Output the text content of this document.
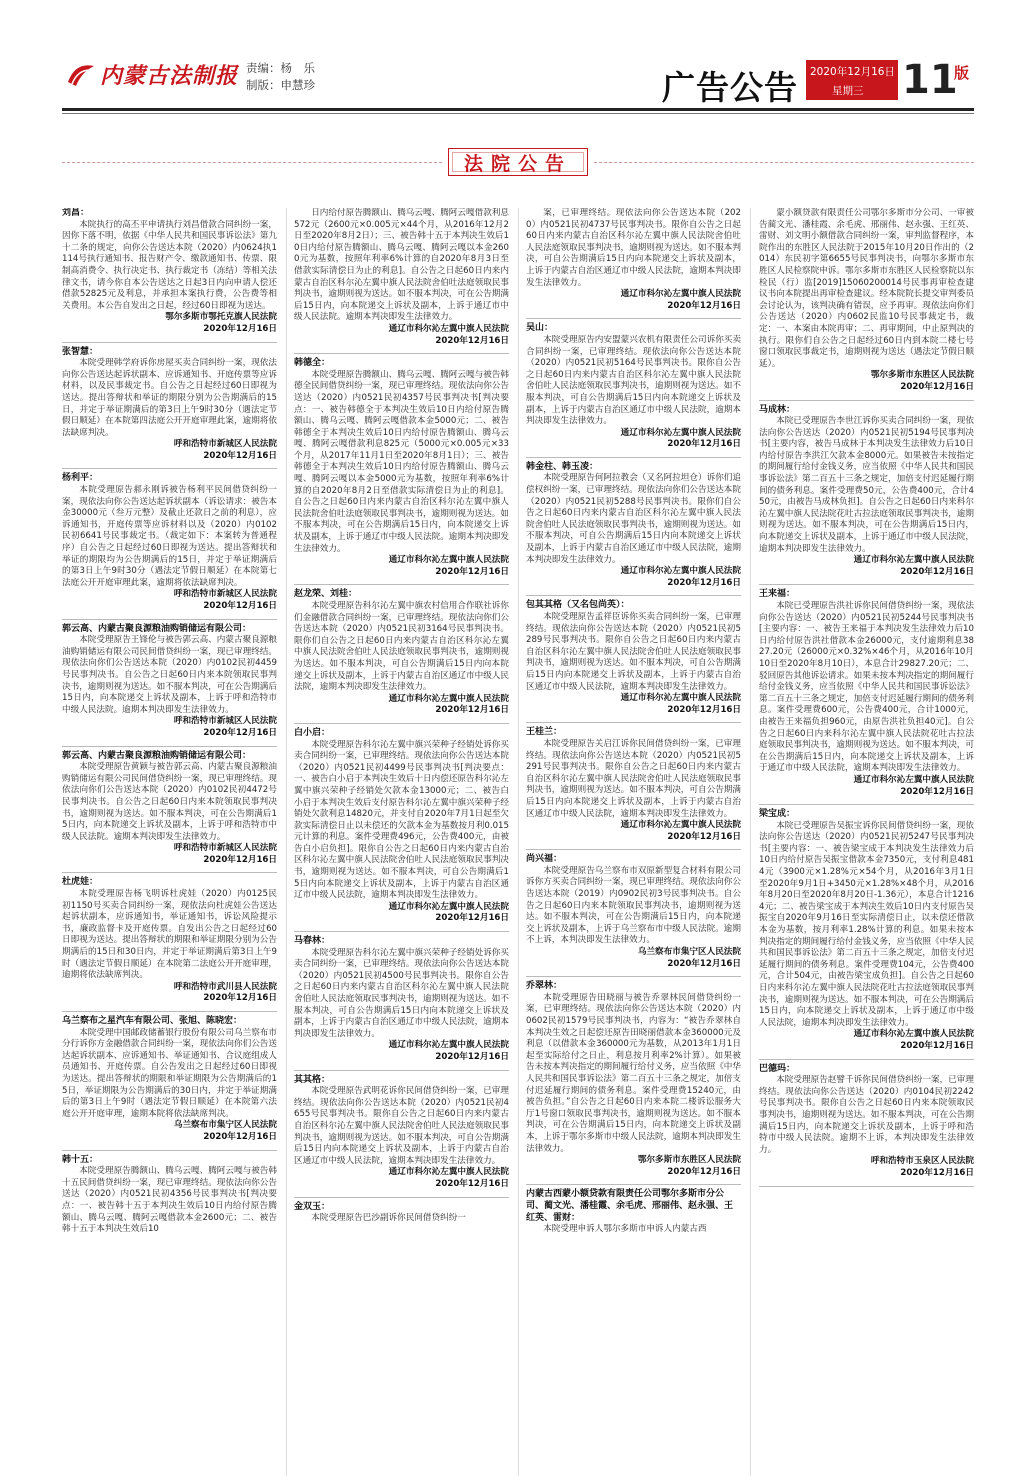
内蒙古法制报 责编：杨　乐
制版：申慧珍	广告公告 2020年12月16日
星期三 11
版
法院公告

刘昌：

本院执行的高丕平申请执行刘昌借款合同纠纷一案，因你下落不明，依据《中华人民共和国民事诉讼法》第九十二条的规定，向你公告送达本院（2020）内0624执1114号执行通知书、报告财产令、缴款通知书、传票、限制高消费令、执行决定书、执行裁定书（冻结）等相关法律文书，请今你自本公告送达之日起3日内向申请人偿还借款52825元及利息，并承担本案执行费，公告费等相关费用。本公告自发出之日起，经过60日即视为送达。

鄂尔多斯市鄂托克旗人民法院

2020年12月16日

张智慧：

本院受理韩学府诉你房屋买卖合同纠纷一案，现依法向你公告送达起诉状副本、应诉通知书、开庭传票等应诉材料，以及民事裁定书。自公告之日起经过60日即视为送达。提出答辩状和举证的期限分别为公告期满后的15日，并定于举证期满后的第3日上午9时30分（遇法定节假日顺延）在本院第四法庭公开开庭审理此案，逾期将依法缺席判决。

呼和浩特市新城区人民法院

2020年12月16日

杨利平：

本院受理原告郝永刚诉被告杨利平民间借贷纠纷一案，现依法向你公告送达起诉状副本（诉讼请求：被告本金30000元（叁万元整）及截止还款日之前的利息），应诉通知书，开庭传票等应诉材料以及（2020）内0102民初6641号民事裁定书。（裁定如下：本案转为普通程序）自公告之日起经过60日即视为送达。提出答辩状和举证的期限均为公告期满后的15日，并定于举证期满后的第3日上午9时30分（遇法定节假日顺延）在本院第七法庭公开开庭审理此案，逾期将依法缺席判决。

呼和浩特市新城区人民法院

2020年12月16日

郭云高、内蒙古聚良源粮油购销储运有限公司：

本院受理原告王锋伦与被告郭云高、内蒙古聚良源粮油购销储运有限公司民间借贷纠纷一案，现已审理终结。现依法向你们公告送达本院（2020）内0102民初4459号民事判决书。自公告之日起60日内来本院领取民事判决书，逾期则视为送达。如不服本判决，可在公告期满后15日内，向本院递交上诉状及副本，上诉于呼和浩特市中级人民法院。逾期本判决即发生法律效力。

呼和浩特市新城区人民法院

2020年12月16日

郭云高、内蒙古聚良源粮油购销储运有限公司：

本院受理原告黄颖与被告郭云高、内蒙古聚良源粮油购销储运有限公司民间借贷纠纷一案，现已审理终结。现依法向你们公告送达本院（2020）内0102民初4472号民事判决书。自公告之日起60日内来本院领取民事判决书，逾期则视为送达。如不服本判决，可在公告期满后15日内，向本院递交上诉状及副本，上诉于呼和浩特市中级人民法院。逾期本判决即发生法律效力。

呼和浩特市新城区人民法院

2020年12月16日

杜虎娃：

本院受理原告杨飞明诉杜虎娃（2020）内0125民初1150号买卖合同纠纷一案，现依法向杜虎娃公告送达起诉状副本，应诉通知书，举证通知书，诉讼风险提示书，廉政监督卡及开庭传票。自发出公告之日起经过60日即视为送达。提出答辩状的期限和举证期限分别为公告期满后的15日和30日内，并定于举证期满后第3日上午9时（遇法定节假日顺延）在本院第二法庭公开开庭审理，逾期将依法缺席判决。

呼和浩特市武川县人民法院

2020年12月16日

乌兰察布之星汽车有限公司、张旭、陈晓宏：

本院受理中国邮政储蓄银行股份有限公司乌兰察布市分行诉你方金融借款合同纠纷一案，现依法向你们公告送达起诉状副本、应诉通知书、举证通知书、合议庭组成人员通知书、开庭传票。自公告发出之日起经过60日即视为送达。提出答辩状的期限和举证期限为公告期满后的15日，举证期限为公告期满后的30日内，并定于举证期满后的第3日上午9时（遇法定节假日顺延）在本院第六法庭公开开庭审理，逾期本院将依法缺席判决。

乌兰察布市集宁区人民法院

2020年12月16日

韩十五：

本院受理原告腾额山、腾乌云嘎、腾阿云嘎与被告韩十五民间借贷纠纷一案，现已审理终结。现依法向你公告送达（2020）内0521民初4356号民事判决书[判决要点：一、被告韩十五于本判决生效后10日内给付原告腾额山、腾乌云嘎、腾阿云嘎借款本金2600元；二、被告韩十五于本判决生效后10

日内给付原告腾额山、腾乌云嘎、腾阿云嘎借款利息572元（2600元×0.005元×44个月，从2016年12月2日至2020年8月2日）；三、被告韩十五于本判决生效后10日内给付原告腾额山、腾乌云嘎、腾阿云嘎以本金2600元为基数，按照年利率6%计算的自2020年8月3日至借款实际清偿日为止的利息]。自公告之日起60日内来内蒙古自治区科尔沁左翼中旗人民法院舍伯吐法庭领取民事判决书，逾期则视为送达。如不服本判决，可在公告期满后15日内，向本院递交上诉状及副本，上诉于通辽市中级人民法院。逾期本判决即发生法律效力。

通辽市科尔沁左翼中旗人民法院

2020年12月16日

韩德全：

本院受理原告腾额山、腾乌云嘎、腾阿云嘎与被告韩德全民间借贷纠纷一案，现已审理终结。现依法向你公告送达（2020）内0521民初4357号民事判决书[判决要点：一、被告韩德全于本判决生效后10日内给付原告腾额山、腾乌云嘎、腾阿云嘎借款本金5000元；二、被告韩德全于本判决生效后10日内给付原告腾额山、腾乌云嘎、腾阿云嘎借款利息825元（5000元×0.005元×33个月，从2017年11月1日至2020年8月1日）；三、被告韩德全于本判决生效后10日内给付原告腾额山、腾乌云嘎、腾阿云嘎以本金5000元为基数，按照年利率6%计算的自2020年8月2日至借款实际清偿日为止的利息]。自公告之日起60日内来内蒙古自治区科尔沁左翼中旗人民法院舍伯吐法庭领取民事判决书，逾期则视为送达。如不服本判决，可在公告期满后15日内，向本院递交上诉状及副本，上诉于通辽市中级人民法院。逾期本判决即发生法律效力。

通辽市科尔沁左翼中旗人民法院

2020年12月16日

赵龙荣、刘桂：

本院受理原告科尔沁左翼中旗农村信用合作联社诉你们金融借款合同纠纷一案，已审理终结。现依法向你们公告送达本院（2020）内0521民初3164号民事判决书。限你们自公告之日起60日内来内蒙古自治区科尔沁左翼中旗人民法院舍伯吐人民法庭领取民事判决书，逾期则视为送达。如不服本判决，可自公告期满后15日内向本院递交上诉状及副本，上诉于内蒙古自治区通辽市中级人民法院，逾期本判决即发生法律效力。

通辽市科尔沁左翼中旗人民法院

2020年12月16日

白小启：

本院受理原告科尔沁左翼中旗兴荣种子经销处诉你买卖合同纠纷一案，已审理终结。现依法向你公告送达本院（2020）内0521民初4499号民事判决书[判决要点：一、被告白小启于本判决生效后十日内偿还原告科尔沁左翼中旗兴荣种子经销处欠款本金13000元；二、被告白小启于本判决生效后支付原告科尔沁左翼中旗兴荣种子经销处欠款利息14820元，并支付自2020年7月1日起至欠款实际清偿日止以未偿还的欠款本金为基数按月利0.015元计算的利息。案件受理费496元，公告费400元，由被告白小启负担]。限你自公告之日起60日内来内蒙古自治区科尔沁左翼中旗人民法院舍伯吐人民法庭领取民事判决书，逾期则视为送达。如不服本判决，可自公告期满后15日内向本院递交上诉状及副本，上诉于内蒙古自治区通辽市中级人民法院，逾期本判决即发生法律效力。

通辽市科尔沁左翼中旗人民法院

2020年12月16日

马春林：

本院受理原告科尔沁左翼中旗兴荣种子经销处诉你买卖合同纠纷一案，已审理终结。现依法向你公告送达本院（2020）内0521民初4500号民事判决书。限你自公告之日起60日内来内蒙古自治区科尔沁左翼中旗人民法院舍伯吐人民法庭领取民事判决书，逾期则视为送达。如不服本判决，可自公告期满后15日内向本院递交上诉状及副本，上诉于内蒙古自治区通辽市中级人民法院，逾期本判决即发生法律效力。

通辽市科尔沁左翼中旗人民法院

2020年12月16日

其其格：

本院受理原告武明花诉你民间借贷纠纷一案，已审理终结。现依法向你公告送达本院（2020）内0521民初4655号民事判决书。限你自公告之日起60日内来内蒙古自治区科尔沁左翼中旗人民法院舍伯吐人民法庭领取民事判决书，逾期则视为送达。如不服本判决，可自公告期满后15日内向本院递交上诉状及副本，上诉于内蒙古自治区通辽市中级人民法院，逾期本判决即发生法律效力。

通辽市科尔沁左翼中旗人民法院

2020年12月16日

金双玉：

本院受理原告巴沙副诉你民间借贷纠纷一

案，已审理终结。现依法向你公告送达本院（2020）内0521民初4737号民事判决书。限你自公告之日起60日内来内蒙古自治区科尔沁左翼中旗人民法院舍伯吐人民法庭领取民事判决书，逾期则视为送达。如不服本判决，可自公告期满后15日内向本院递交上诉状及副本，上诉于内蒙古自治区通辽市中级人民法院，逾期本判决即发生法律效力。

通辽市科尔沁左翼中旗人民法院

2020年12月16日

吴山：

本院受理原告内安盟蒙兴农机有限责任公司诉你买卖合同纠纷一案，已审理终结。现依法向你公告送达本院（2020）内0521民初5164号民事判决书。限你自公告之日起60日内来内蒙古自治区科尔沁左翼中旗人民法院舍伯吐人民法庭领取民事判决书，逾期则视为送达。如不服本判决，可自公告期满后15日内向本院递交上诉状及副本，上诉于内蒙古自治区通辽市中级人民法院，逾期本判决即发生法律效力。

通辽市科尔沁左翼中旗人民法院

2020年12月16日

韩金柱、韩玉凌：

本院受理原告何阿拉教会（又名阿拉坦仓）诉你们追偿权纠纷一案，已审理终结。现依法向你们公告送达本院（2020）内0521民初5288号民事判决书。限你们自公告之日起60日内来内蒙古自治区科尔沁左翼中旗人民法院舍伯吐人民法庭领取民事判决书，逾期则视为送达。如不服本判决，可自公告期满后15日内向本院递交上诉状及副本，上诉于内蒙古自治区通辽市中级人民法院，逾期本判决即发生法律效力。

通辽市科尔沁左翼中旗人民法院

2020年12月16日

包其其格（又名包尚英）：

本院受理原告孟祥臣诉你买卖合同纠纷一案，已审理终结。现依法向你公告送达本院（2020）内0521民初5289号民事判决书。限你自公告之日起60日内来内蒙古自治区科尔沁左翼中旗人民法院舍伯吐人民法庭领取民事判决书，逾期则视为送达。如不服本判决，可自公告期满后15日内向本院递交上诉状及副本，上诉于内蒙古自治区通辽市中级人民法院，逾期本判决即发生法律效力。

通辽市科尔沁左翼中旗人民法院

2020年12月16日

王桂兰：

本院受理原告关启江诉你民间借贷纠纷一案，已审理终结。现依法向你公告送达本院（2020）内0521民初5291号民事判决书。限你自公告之日起60日内来内蒙古自治区科尔沁左翼中旗人民法院舍伯吐人民法庭领取民事判决书，逾期则视为送达。如不服本判决，可自公告期满后15日内向本院递交上诉状及副本，上诉于内蒙古自治区通辽市中级人民法院，逾期本判决即发生法律效力。

通辽市科尔沁左翼中旗人民法院

2020年12月16日

尚兴福：

本院受理原告乌兰察布市双原新型复合材料有限公司诉你方买卖合同纠纷一案，现已审理终结。现依法向你公告送达本院（2019）内0902民初3号民事判决书。自公告之日起60日内来本院领取民事判决书，逾期则视为送达。如不服本判决，可在公告期满后15日内，向本院递交上诉状及副本，上诉于乌兰察布市中级人民法院。逾期不上诉，本判决即发生法律效力。

乌兰察布市集宁区人民法院

2020年12月16日

乔翠林：

本院受理原告田晓丽与被告乔翠林民间借贷纠纷一案，已审理终结。现依法向你公告送达本院（2020）内0602民初1579号民事判决书，内容为：“被告乔翠林自本判决生效之日起偿还原告田晓丽借款本金360000元及利息（以借款本金360000元为基数，从2013年1月1日起至实际给付之日止，利息按月利率2%计算）。如果被告未按本判决指定的期间履行给付义务，应当依照《中华人民共和国民事诉讼法》第二百五十三条之规定，加倍支付迟延履行期间的债务利息。案件受理费15240元，由被告负担。”自公告之日起60日内来本院二楼诉讼服务大厅1号窗口领取民事判决书，逾期则视为送达。如不服本判决，可在公告期满后15日内，向本院递交上诉状及副本，上诉于鄂尔多斯市中级人民法院，逾期本判决即发生法律效力。

鄂尔多斯市东胜区人民法院

2020年12月16日

内蒙古西蒙小额贷款有限责任公司鄂尔多斯市分公司、蔺文光、潘桂霞、余毛虎、邢丽伟、赵永强、王红英、雷财：

本院受理申诉人鄂尔多斯市申诉人内蒙古西

蒙小额贷款有限责任公司鄂尔多斯市分公司、一审被告蔺文光、潘桂霞、余毛虎、邢丽伟、赵永强、王红英、雷财、刘文明小额借款合同纠纷一案，审判监督程序，本院作出的东胜区人民法院于2015年10月20日作出的（2014）东民初字第6655号民事判决书，向鄂尔多斯市东胜区人民检察院申诉。鄂尔多斯市东胜区人民检察院以东检民（行）监[2019]15060200014号民事再审检查建议书向本院提出再审检查建议。经本院院长提交审判委员会讨论认为，该判决确有错误，应予再审。现依法向你们公告送达（2020）内0602民监10号民事裁定书，裁定：一、本案由本院再审；二、再审期间，中止原判决的执行。限你们自公告之日起经过60日内到本院二楼七号窗口领取民事裁定书，逾期则视为送达（遇法定节假日顺延）。

鄂尔多斯市东胜区人民法院

2020年12月16日

马成林：

本院已受理原告李世江诉你买卖合同纠纷一案，现依法向你公告送达（2020）内0521民初5194号民事判决书[主要内容，被告马成林于本判决发生法律效力后10日内给付原告李洪江欠款本金8000元。如果被告未按指定的期间履行给付金钱义务，应当依照《中华人民共和国民事诉讼法》第二百五十三条之规定，加倍支付迟延履行期间的债务利息。案件受理费50元，公告费400元，合计450元，由被告马成林负担]。自公告之日起60日内来科尔沁左翼中旗人民法院花吐古拉法庭领取民事判决书，逾期则视为送达。如不服本判决，可在公告期满后15日内，向本院递交上诉状及副本，上诉于通辽市中级人民法院，逾期本判决即发生法律效力。

通辽市科尔沁左翼中旗人民法院

2020年12月16日

王来福：

本院已受理原告洪社诉你民间借贷纠纷一案，现依法向你公告送达（2020）内0521民初5244号民事判决书[主要内容：一、被告王来福于本判决发生法律效力后10日内给付原告洪社借款本金26000元，支付逾期利息3827.20元（26000元×0.32%×46个月，从2016年10月10日至2020年8月10日），本息合计29827.20元；二、驳回原告其他诉讼请求。如果未按本判决指定的期间履行给付金钱义务，应当依照《中华人民共和国民事诉讼法》第二百五十三条之规定，加倍支付迟延履行期间的债务利息。案件受理费600元，公告费400元，合计1000元，由被告王来福负担960元，由原告洪社负担40元]。自公告之日起60日内来科尔沁左翼中旗人民法院花吐古拉法庭领取民事判决书，逾期则视为送达。如不服本判决，可在公告期满后15日内，向本院递交上诉状及副本，上诉于通辽市中级人民法院，逾期本判决即发生法律效力。

通辽市科尔沁左翼中旗人民法院

2020年12月16日

梁宝成：

本院已受理原告吴振宝诉你民间借贷纠纷一案，现依法向你公告送达（2020）内0521民初5247号民事判决书[主要内容：一、被告梁宝成于本判决发生法律效力后10日内给付原告吴振宝借款本金7350元，支付利息4814元（3900元×1.28%元×54个月，从2016年3月1日至2020年9月1日+3450元×1.28%×48个月，从2016年8月20日至2020年8月20日-1.36元），本息合计12164元；二、被告梁宝成于本判决生效后10日内支付原告吴振宝自2020年9月16日至实际清偿日止，以未偿还借款本金为基数，按月利率1.28%计算的利息。如果未按本判决指定的期间履行给付金钱义务，应当依照《中华人民共和国民事诉讼法》第二百五十三条之规定，加倍支付迟延履行期间的债务利息。案件受理费104元，公告费400元，合计504元，由被告梁宝成负担]。自公告之日起60日内来科尔沁左翼中旗人民法院花吐古拉法庭领取民事判决书，逾期则视为送达。如不服本判决，可在公告期满后15日内，向本院递交上诉状及副本，上诉于通辽市中级人民法院，逾期本判决即发生法律效力。

通辽市科尔沁左翼中旗人民法院

2020年12月16日

巴德玛：

本院受理原告赵譬千诉你民间借贷纠纷一案，已审理终结。现依法向你公告送达（2020）内0104民初2242号民事判决书。限你自公告之日起60日内来本院领取民事判决书，逾期则视为送达。如不服本判决，可在公告期满后15日内，向本院递交上诉状及副本，上诉于呼和浩特市中级人民法院。逾期不上诉，本判决即发生法律效力。

呼和浩特市玉泉区人民法院

2020年12月16日
